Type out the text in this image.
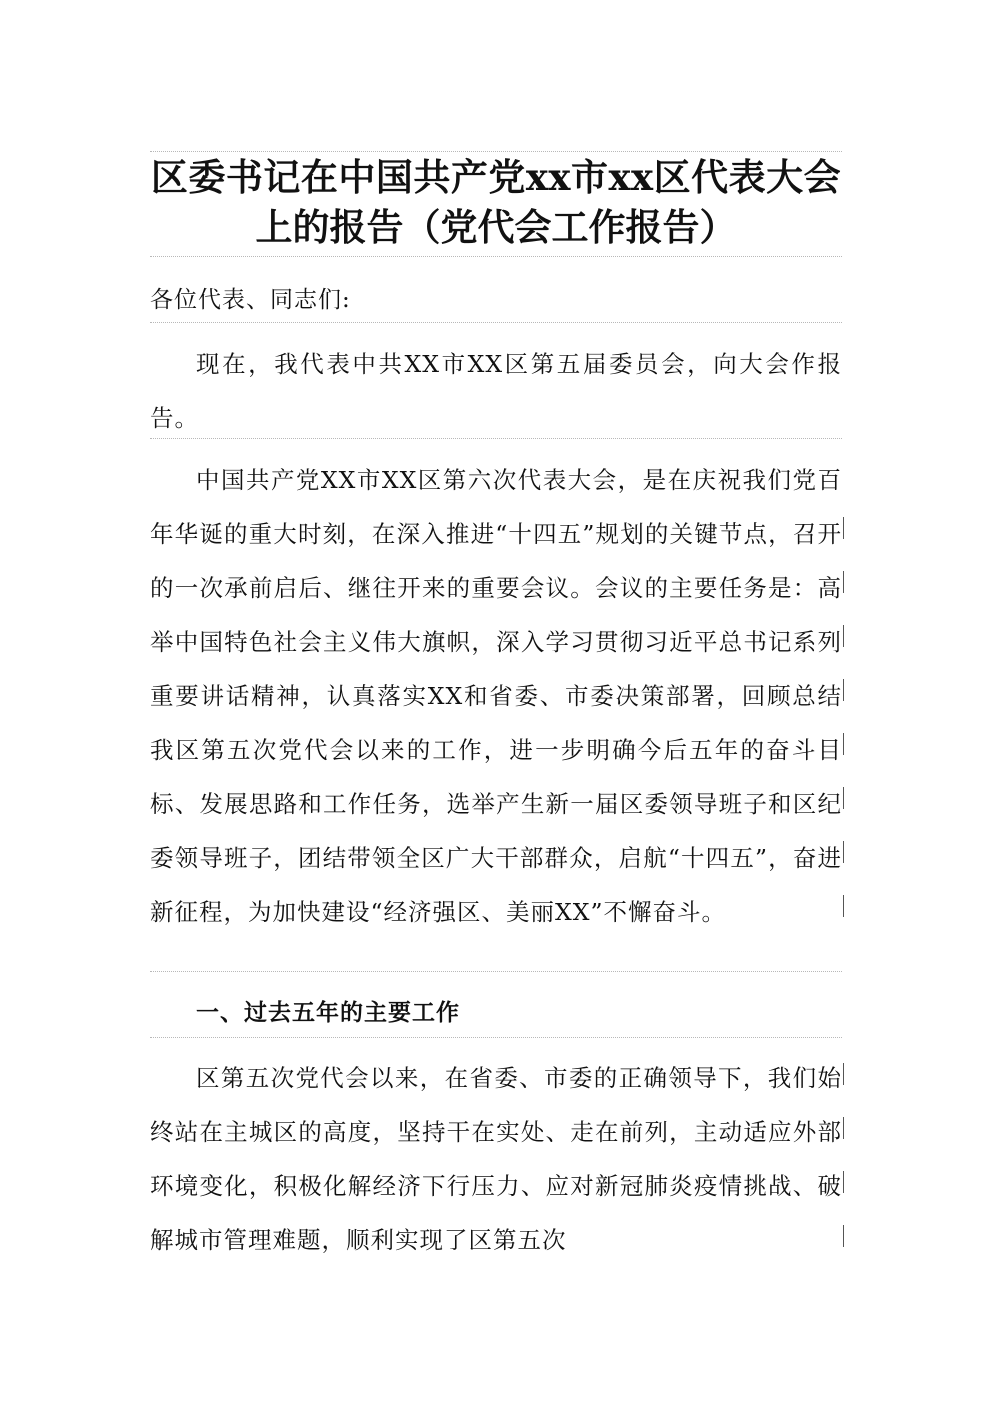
区委书记在中国共产党xx市xx区代表大会
上的报告（党代会工作报告）
各位代表、同志们:
现在，我代表中共XX市XX区第五届委员会，向大会作报告。
中国共产党XX市XX区第六次代表大会，是在庆祝我们党百年华诞的重大时刻，在深入推进“十四五”规划的关键节点，召开的一次承前启后、继往开来的重要会议。会议的主要任务是：高举中国特色社会主义伟大旗帜，深入学习贯彻习近平总书记系列重要讲话精神，认真落实XX和省委、市委决策部署，回顾总结我区第五次党代会以来的工作，进一步明确今后五年的奋斗目标、发展思路和工作任务，选举产生新一届区委领导班子和区纪委领导班子，团结带领全区广大干部群众，启航“十四五”，奋进新征程，为加快建设“经济强区、美丽XX”不懈奋斗。
一、过去五年的主要工作
区第五次党代会以来，在省委、市委的正确领导下，我们始终站在主城区的高度，坚持干在实处、走在前列，主动适应外部环境变化，积极化解经济下行压力、应对新冠肺炎疫情挑战、破解城市管理难题，顺利实现了区第五次
